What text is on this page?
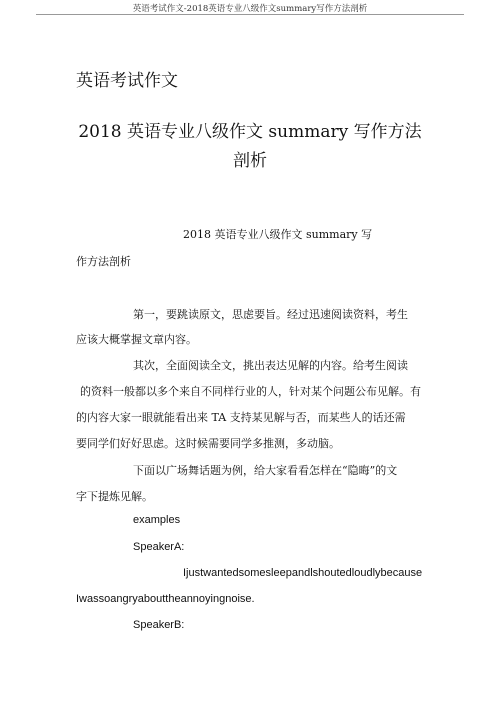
英语考试作文-2018英语专业八级作文summary写作方法剖析
英语考试作文
2018 英语专业八级作文 summary 写作方法
剖析
2018 英语专业八级作文 summary 写
作方法剖析
第一，要跳读原文，思虑要旨。经过迅速阅读资料，考生
应该大概掌握文章内容。
其次，全面阅读全文，挑出表达见解的内容。给考生阅读
的资料一般都以多个来自不同样行业的人，针对某个问题公布见解。有
的内容大家一眼就能看出来 TA 支持某见解与否，而某些人的话还需
要同学们好好思虑。这时候需要同学多推测，多动脑。
下面以广场舞话题为例，给大家看看怎样在“隐晦”的文
字下提炼见解。
examples
SpeakerA:
Ijustwantedsomesleepandlshoutedloudlybecause
Iwassoangryabouttheannoyingnoise.
SpeakerB:
